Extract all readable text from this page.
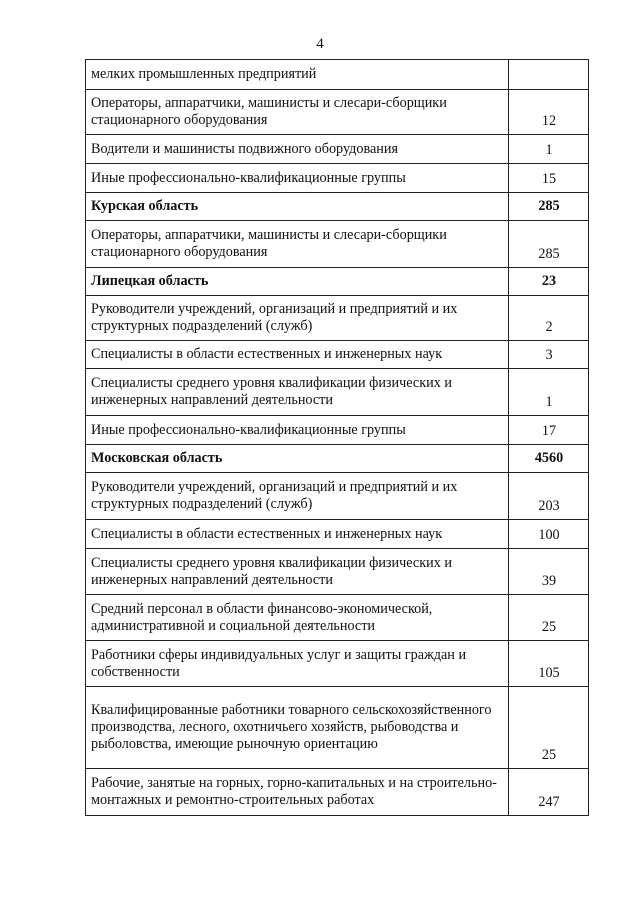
4
мелких промышленных предприятий	
Операторы, аппаратчики, машинисты и слесари-сборщики стационарного оборудования	12
Водители и машинисты подвижного оборудования	1
Иные профессионально-квалификационные группы	15
Курская область	285
Операторы, аппаратчики, машинисты и слесари-сборщики стационарного оборудования	285
Липецкая область	23
Руководители учреждений, организаций и предприятий и их структурных подразделений (служб)	2
Специалисты в области естественных и инженерных наук	3
Специалисты среднего уровня квалификации физических и инженерных направлений деятельности	1
Иные профессионально-квалификационные группы	17
Московская область	4560
Руководители учреждений, организаций и предприятий и их структурных подразделений (служб)	203
Специалисты в области естественных и инженерных наук	100
Специалисты среднего уровня квалификации физических и инженерных направлений деятельности	39
Средний персонал в области финансово-экономической, административной и социальной деятельности	25
Работники сферы индивидуальных услуг и защиты граждан и собственности	105
Квалифицированные работники товарного сельскохозяйственного производства, лесного, охотничьего хозяйств, рыбоводства и рыболовства, имеющие рыночную ориентацию	25
Рабочие, занятые на горных, горно-капитальных и на строительно-монтажных и ремонтно-строительных работах	247
